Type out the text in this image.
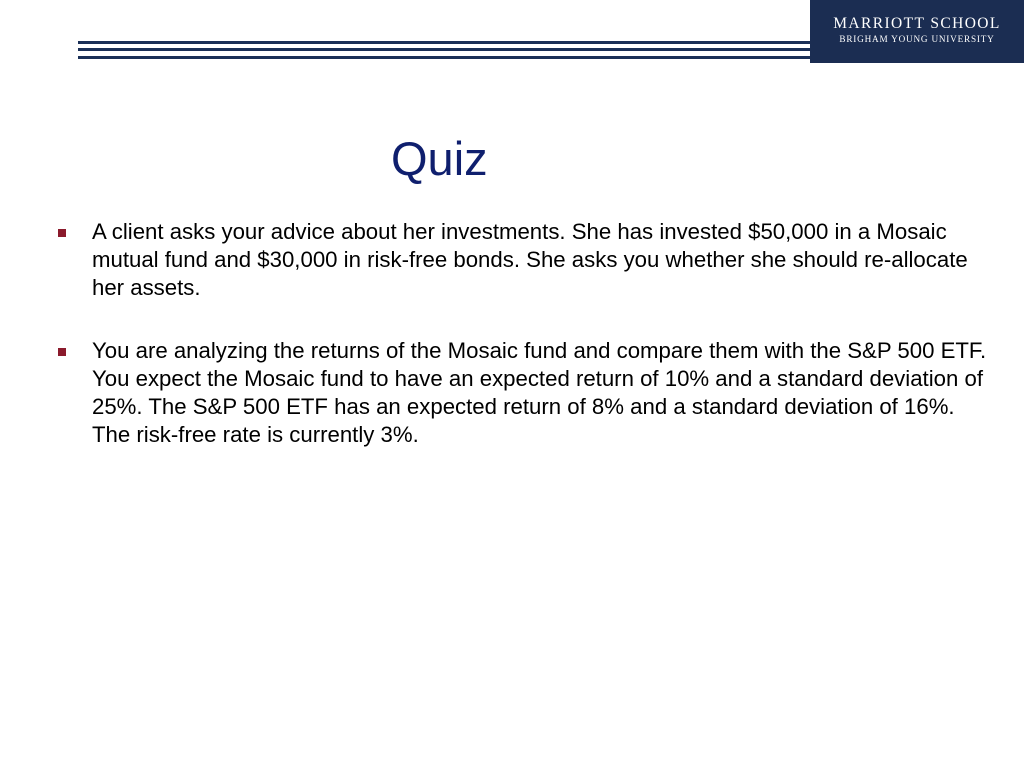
MARRIOTT SCHOOL
BRIGHAM YOUNG UNIVERSITY
Quiz
A client asks your advice about her investments. She has invested $50,000 in a Mosaic mutual fund and $30,000 in risk-free bonds. She asks you whether she should re-allocate her assets.
You are analyzing the returns of the Mosaic fund and compare them with the S&P 500 ETF. You expect the Mosaic fund to have an expected return of 10% and a standard deviation of 25%. The S&P 500 ETF has an expected return of 8% and a standard deviation of 16%. The risk-free rate is currently 3%.
